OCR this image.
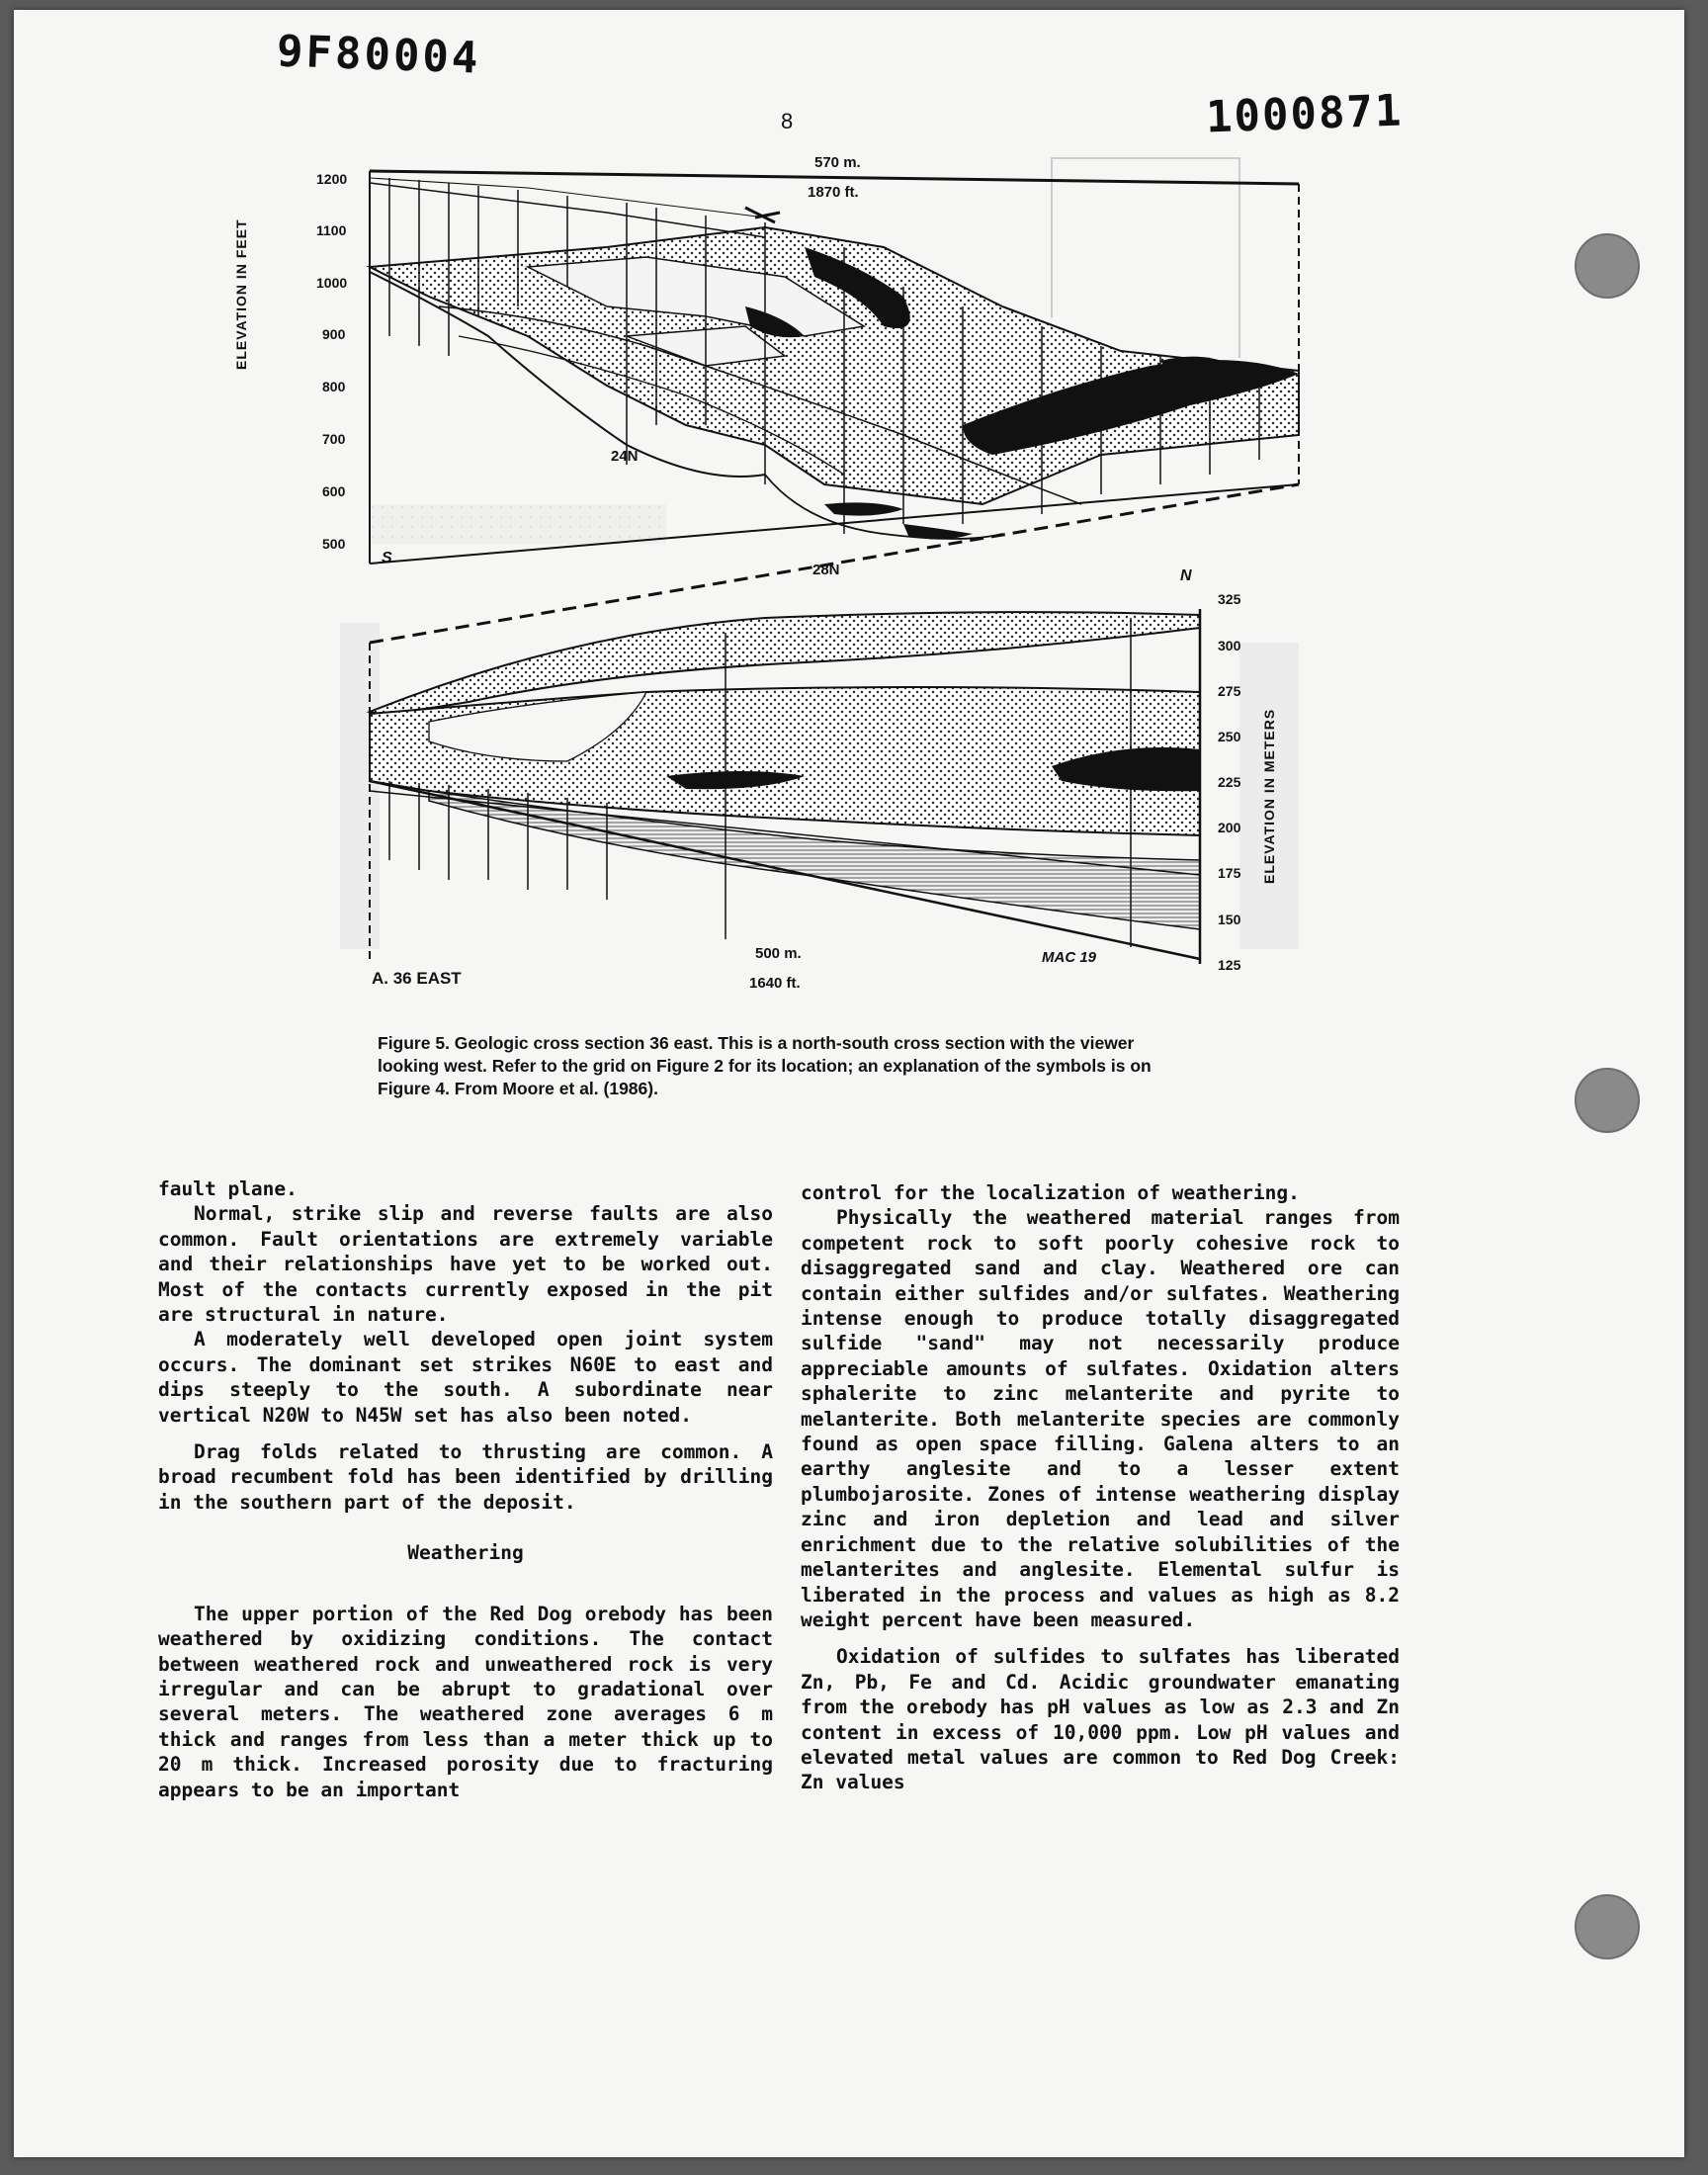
9F80004
1000871
8
1200
1100
1000
900
800
700
600
500
ELEVATION IN FEET
325
300
275
250
225
200
175
150
125
ELEVATION IN METERS
570 m.
1870 ft.
500 m.
1640 ft.
S
N
24N
28N
A. 36 EAST
MAC 19
Figure 5. Geologic cross section 36 east. This is a north-south cross section with the viewer looking west. Refer to the grid on Figure 2 for its location; an explanation of the symbols is on Figure 4. From Moore et al. (1986).

fault plane.

Normal, strike slip and reverse faults are also common. Fault orientations are extremely variable and their relationships have yet to be worked out. Most of the contacts currently exposed in the pit are structural in nature.

A moderately well developed open joint system occurs. The dominant set strikes N60E to east and dips steeply to the south. A subordinate near vertical N20W to N45W set has also been noted.

Drag folds related to thrusting are common. A broad recumbent fold has been identified by drilling in the southern part of the deposit.

Weathering

The upper portion of the Red Dog orebody has been weathered by oxidizing conditions. The contact between weathered rock and unweathered rock is very irregular and can be abrupt to gradational over several meters. The weathered zone averages 6 m thick and ranges from less than a meter thick up to 20 m thick. Increased porosity due to fracturing appears to be an important

control for the localization of weathering.

Physically the weathered material ranges from competent rock to soft poorly cohesive rock to disaggregated sand and clay. Weathered ore can contain either sulfides and/or sulfates. Weathering intense enough to produce totally disaggregated sulfide "sand" may not necessarily produce appreciable amounts of sulfates. Oxidation alters sphalerite to zinc melanterite and pyrite to melanterite. Both melanterite species are commonly found as open space filling. Galena alters to an earthy anglesite and to a lesser extent plumbojarosite. Zones of intense weathering display zinc and iron depletion and lead and silver enrichment due to the relative solubilities of the melanterites and anglesite. Elemental sulfur is liberated in the process and values as high as 8.2 weight percent have been measured.

Oxidation of sulfides to sulfates has liberated Zn, Pb, Fe and Cd. Acidic groundwater emanating from the orebody has pH values as low as 2.3 and Zn content in excess of 10,000 ppm. Low pH values and elevated metal values are common to Red Dog Creek: Zn values
